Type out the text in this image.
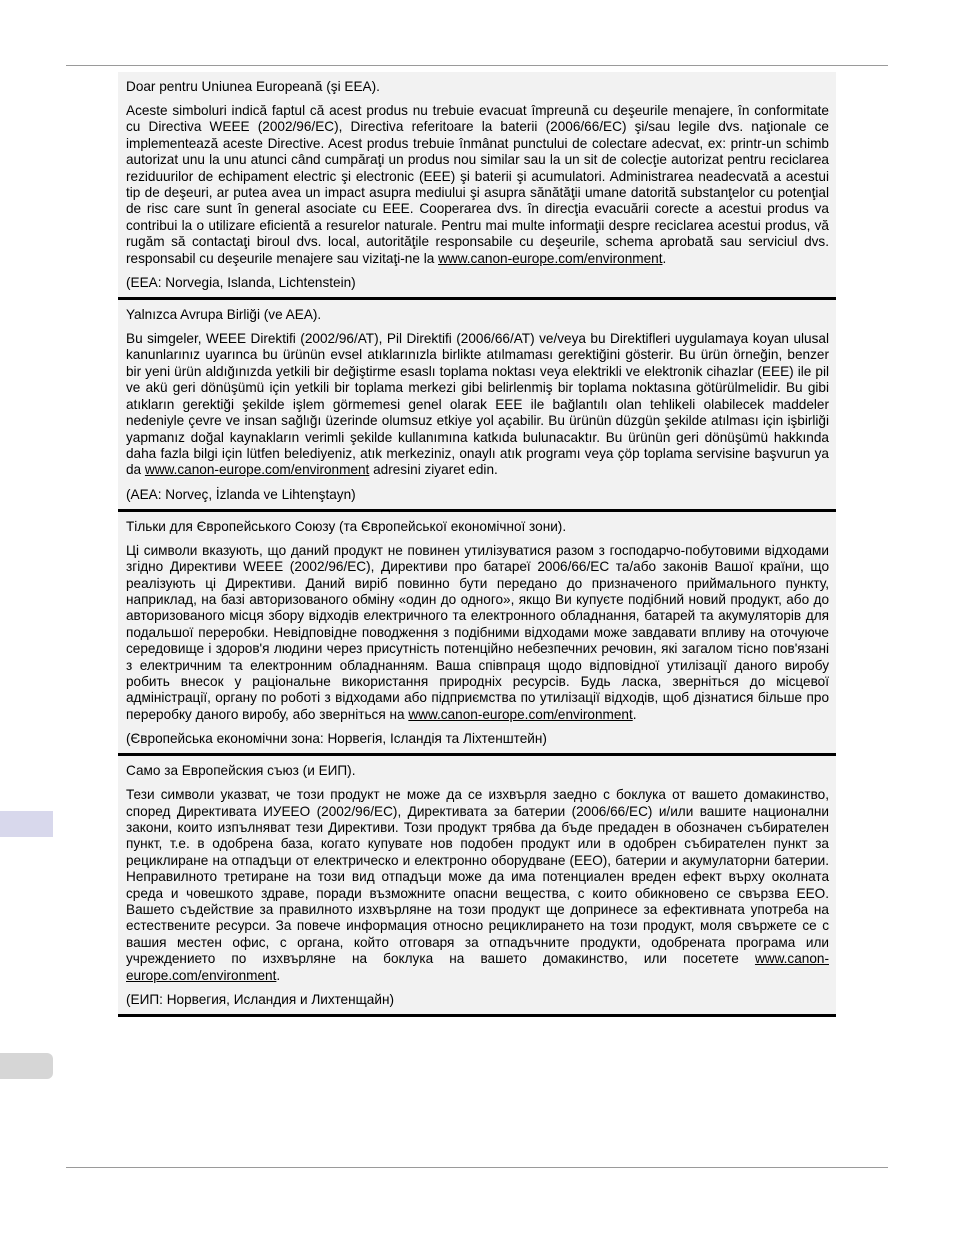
Doar pentru Uniunea Europeană (şi EEA).

Aceste simboluri indică faptul că acest produs nu trebuie evacuat împreună cu deşeurile menajere, în conformitate cu Directiva WEEE (2002/96/EC), Directiva referitoare la baterii (2006/66/EC) şi/sau legile dvs. naţionale ce implementează aceste Directive. Acest produs trebuie înmânat punctului de colectare adecvat, ex: printr-un schimb autorizat unu la unu atunci când cumpăraţi un produs nou similar sau la un sit de colecţie autorizat pentru reciclarea reziduurilor de echipament electric şi electronic (EEE) şi baterii şi acumulatori. Administrarea neadecvată a acestui tip de deşeuri, ar putea avea un impact asupra mediului şi asupra sănătăţii umane datorită substanţelor cu potenţial de risc care sunt în general asociate cu EEE. Cooperarea dvs. în direcţia evacuării corecte a acestui produs va contribui la o utilizare eficientă a resurelor naturale. Pentru mai multe informaţii despre reciclarea acestui produs, vă rugăm să contactaţi biroul dvs. local, autorităţile responsabile cu deşeurile, schema aprobată sau serviciul dvs. responsabil cu deşeurile menajere sau vizitaţi-ne la www.canon-europe.com/environment.

(EEA: Norvegia, Islanda, Lichtenstein)

Yalnızca Avrupa Birliği (ve AEA).

Bu simgeler, WEEE Direktifi (2002/96/AT), Pil Direktifi (2006/66/AT) ve/veya bu Direktifleri uygulamaya koyan ulusal kanunlarınız uyarınca bu ürünün evsel atıklarınızla birlikte atılmaması gerektiğini gösterir. Bu ürün örneğin, benzer bir yeni ürün aldığınızda yetkili bir değiştirme esaslı toplama noktası veya elektrikli ve elektronik cihazlar (EEE) ile pil ve akü geri dönüşümü için yetkili bir toplama merkezi gibi belirlenmiş bir toplama noktasına götürülmelidir. Bu gibi atıkların gerektiği şekilde işlem görmemesi genel olarak EEE ile bağlantılı olan tehlikeli olabilecek maddeler nedeniyle çevre ve insan sağlığı üzerinde olumsuz etkiye yol açabilir. Bu ürünün düzgün şekilde atılması için işbirliği yapmanız doğal kaynakların verimli şekilde kullanımına katkıda bulunacaktır. Bu ürünün geri dönüşümü hakkında daha fazla bilgi için lütfen belediyeniz, atık merkeziniz, onaylı atık programı veya çöp toplama servisine başvurun ya da www.canon-europe.com/environment adresini ziyaret edin.

(AEA: Norveç, İzlanda ve Lihtenştayn)

Тільки для Європейського Союзу (та Європейської економічної зони).

Ці символи вказують, що даний продукт не повинен утилізуватися разом з господарчо-побутовими відходами згідно Директиви WEEE (2002/96/EC), Директиви про батареї 2006/66/EC та/або законів Вашої країни, що реалізують ці Директиви. Даний виріб повинно бути передано до призначеного приймального пункту, наприклад, на базі авторизованого обміну «один до одного», якщо Ви купуєте подібний новий продукт, або до авторизованого місця збору відходів електричного та електронного обладнання, батарей та акумуляторів для подальшої переробки. Невідповідне поводження з подібними відходами може завдавати впливу на оточуюче середовище і здоров'я людини через присутність потенційно небезпечних речовин, які загалом тісно пов'язані з електричним та електронним обладнанням. Ваша співпраця щодо відповідної утилізації даного виробу робить внесок у раціональне використання природніх ресурсів. Будь ласка, зверніться до місцевої адміністрації, органу по роботі з відходами або підприємства по утилізації відходів, щоб дізнатися більше про переробку даного виробу, або зверніться на www.canon-europe.com/environment.

(Європейська економічни зона: Норвегія, Ісландія та Ліхтенштейн)

Само за Европейския съюз (и ЕИП).

Тези символи указват, че този продукт не може да се изхвърля заедно с боклука от вашето домакинство, според Директивата ИУЕЕО (2002/96/ЕС), Директивата за батерии (2006/66/ЕС) и/или вашите национални закони, които изпълняват тези Директиви. Този продукт трябва да бъде предаден в обозначен събирателен пункт, т.е. в одобрена база, когато купувате нов подобен продукт или в одобрен събирателен пункт за рециклиране на отпадъци от електрическо и електронно оборудване (ЕЕО), батерии и акумулаторни батерии. Неправилното третиране на този вид отпадъци може да има потенциален вреден ефект върху околната среда и човешкото здраве, поради възможните опасни вещества, с които обикновено се свързва ЕЕО. Вашето съдействие за правилното изхвърляне на този продукт ще допринесе за ефективната употреба на естествените ресурси. За повече информация относно рециклирането на този продукт, моля свържете се с вашия местен офис, с органа, който отговаря за отпадъчните продукти, одобрената програма или учреждението по изхвърляне на боклука на вашето домакинство, или посетете www.canon-europe.com/environment.

(ЕИП: Норвегия, Исландия и Лихтенщайн)
